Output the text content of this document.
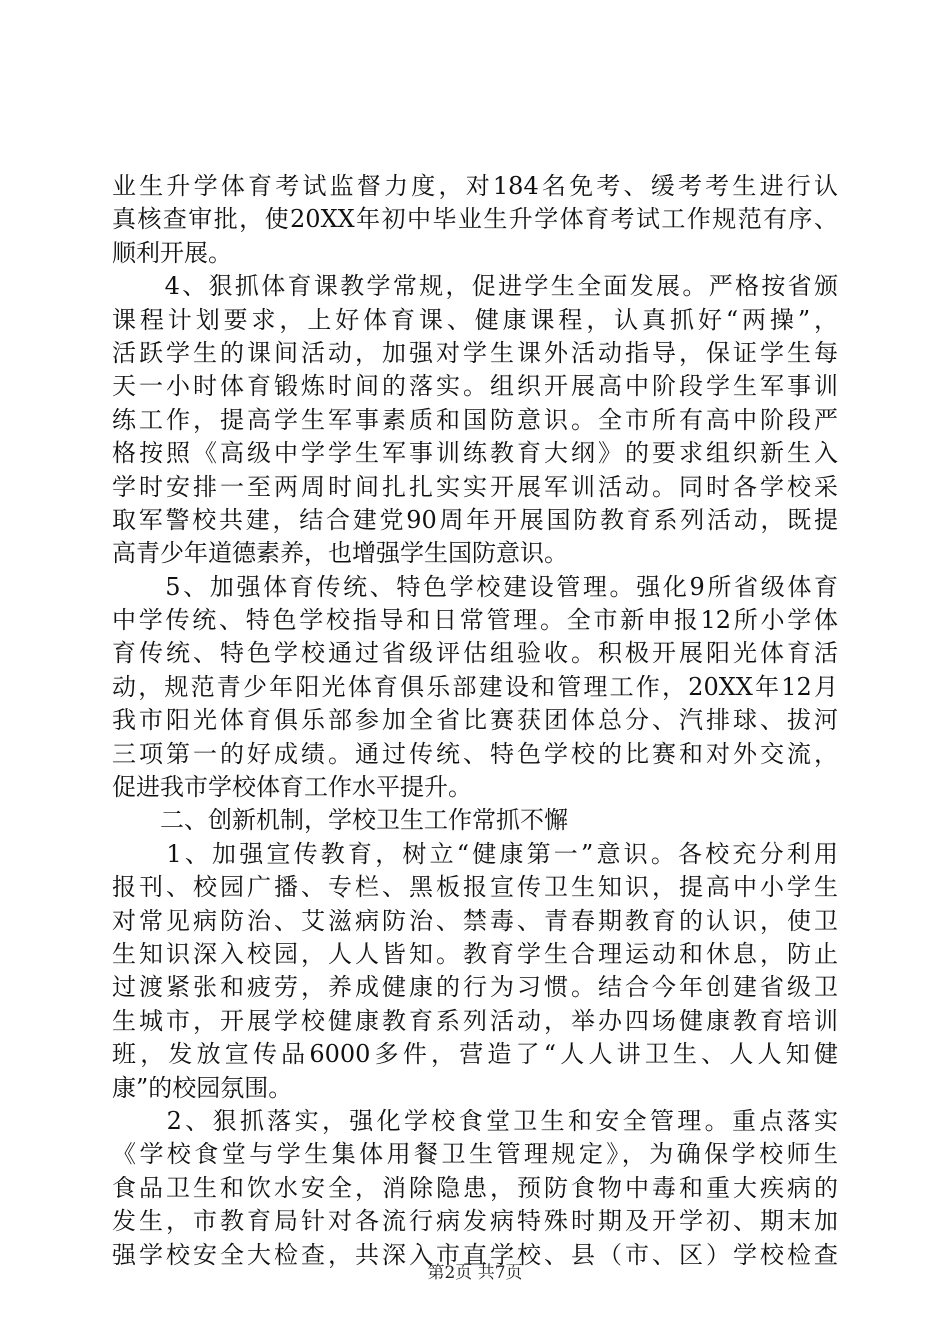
业生升学体育考试监督力度，对184名免考、缓考考生进行认
真核查审批，使20XX年初中毕业生升学体育考试工作规范有序、
顺利开展。
　　4、狠抓体育课教学常规，促进学生全面发展。严格按省颁
课程计划要求，上好体育课、健康课程，认真抓好“两操”，
活跃学生的课间活动，加强对学生课外活动指导，保证学生每
天一小时体育锻炼时间的落实。组织开展高中阶段学生军事训
练工作，提高学生军事素质和国防意识。全市所有高中阶段严
格按照《高级中学学生军事训练教育大纲》的要求组织新生入
学时安排一至两周时间扎扎实实开展军训活动。同时各学校采
取军警校共建，结合建党90周年开展国防教育系列活动，既提
高青少年道德素养，也增强学生国防意识。
　　5、加强体育传统、特色学校建设管理。强化9所省级体育
中学传统、特色学校指导和日常管理。全市新申报12所小学体
育传统、特色学校通过省级评估组验收。积极开展阳光体育活
动，规范青少年阳光体育俱乐部建设和管理工作，20XX年12月
我市阳光体育俱乐部参加全省比赛获团体总分、汽排球、拔河
三项第一的好成绩。通过传统、特色学校的比赛和对外交流，
促进我市学校体育工作水平提升。
　　二、创新机制，学校卫生工作常抓不懈
　　1、加强宣传教育，树立“健康第一”意识。各校充分利用
报刊、校园广播、专栏、黑板报宣传卫生知识，提高中小学生
对常见病防治、艾滋病防治、禁毒、青春期教育的认识，使卫
生知识深入校园，人人皆知。教育学生合理运动和休息，防止
过渡紧张和疲劳，养成健康的行为习惯。结合今年创建省级卫
生城市，开展学校健康教育系列活动，举办四场健康教育培训
班，发放宣传品6000多件，营造了“人人讲卫生、人人知健
康”的校园氛围。
　　2、狠抓落实，强化学校食堂卫生和安全管理。重点落实
《学校食堂与学生集体用餐卫生管理规定》，为确保学校师生
食品卫生和饮水安全，消除隐患，预防食物中毒和重大疾病的
发生，市教育局针对各流行病发病特殊时期及开学初、期末加
强学校安全大检查，共深入市直学校、县（市、区）学校检查
第2页 共7页
